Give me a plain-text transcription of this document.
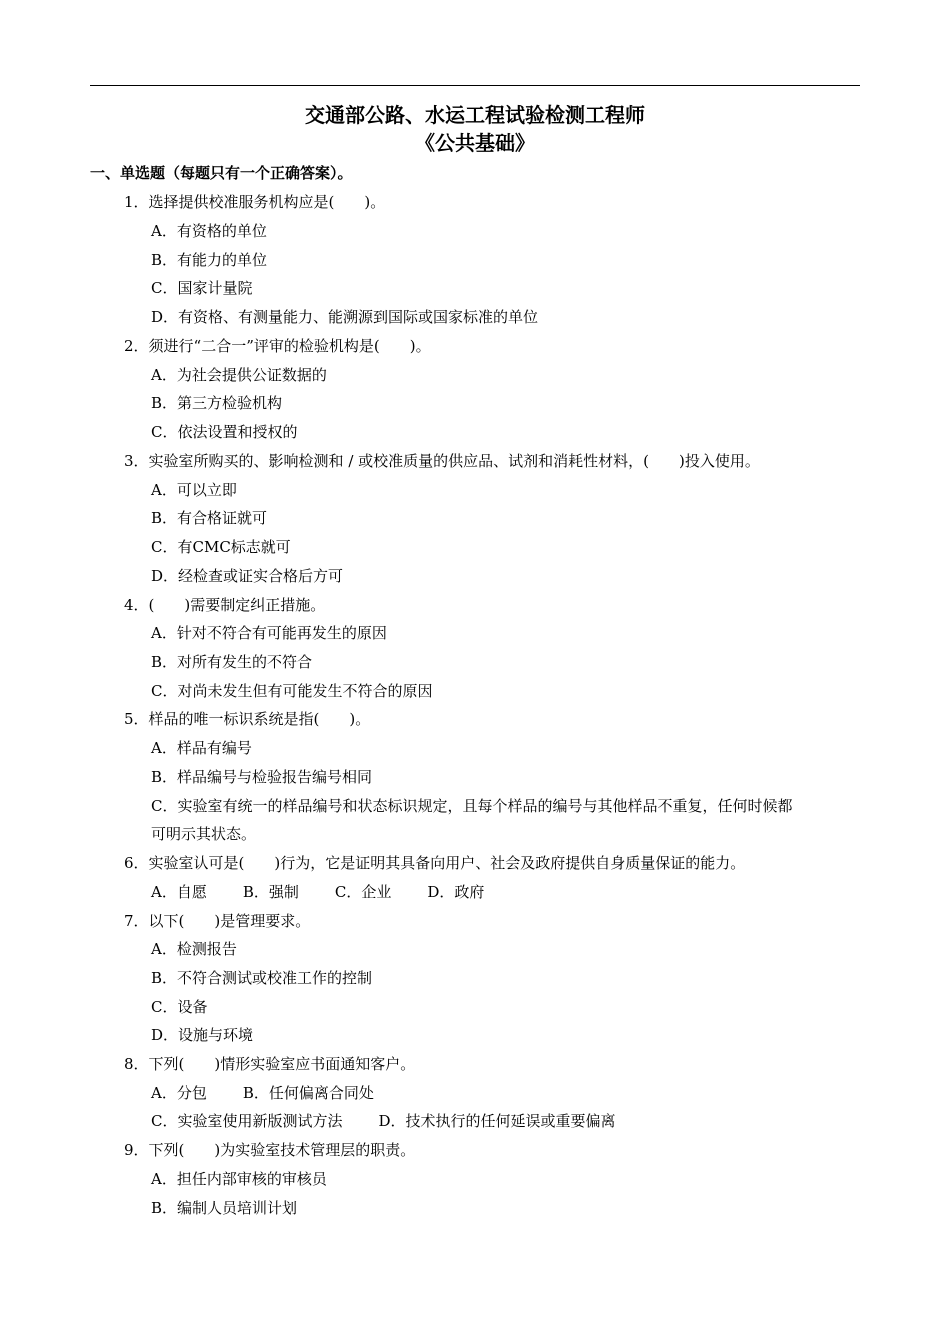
交通部公路、水运工程试验检测工程师
《公共基础》
一、单选题（每题只有一个正确答案）。
1．选择提供校准服务机构应是(　　)。
A．有资格的单位
B．有能力的单位
C．国家计量院
D．有资格、有测量能力、能溯源到国际或国家标准的单位
2．须进行“二合一”评审的检验机构是(　　)。
A．为社会提供公证数据的
B．第三方检验机构
C．依法设置和授权的
3．实验室所购买的、影响检测和 / 或校准质量的供应品、试剂和消耗性材料，(　　)投入使用。
A．可以立即
B．有合格证就可
C．有CMC标志就可
D．经检查或证实合格后方可
4．(　　)需要制定纠正措施。
A．针对不符合有可能再发生的原因
B．对所有发生的不符合
C．对尚未发生但有可能发生不符合的原因
5．样品的唯一标识系统是指(　　)。
A．样品有编号
B．样品编号与检验报告编号相同
C．实验室有统一的样品编号和状态标识规定，且每个样品的编号与其他样品不重复，任何时候都
可明示其状态。
6．实验室认可是(　　)行为，它是证明其具备向用户、社会及政府提供自身质量保证的能力。
A．自愿 B．强制 C．企业 D．政府
7．以下(　　)是管理要求。
A．检测报告
B．不符合测试或校准工作的控制
C．设备
D．设施与环境
8．下列(　　)情形实验室应书面通知客户。
A．分包 B．任何偏离合同处
C．实验室使用新版测试方法 D．技术执行的任何延误或重要偏离
9．下列(　　)为实验室技术管理层的职责。
A．担任内部审核的审核员
B．编制人员培训计划
